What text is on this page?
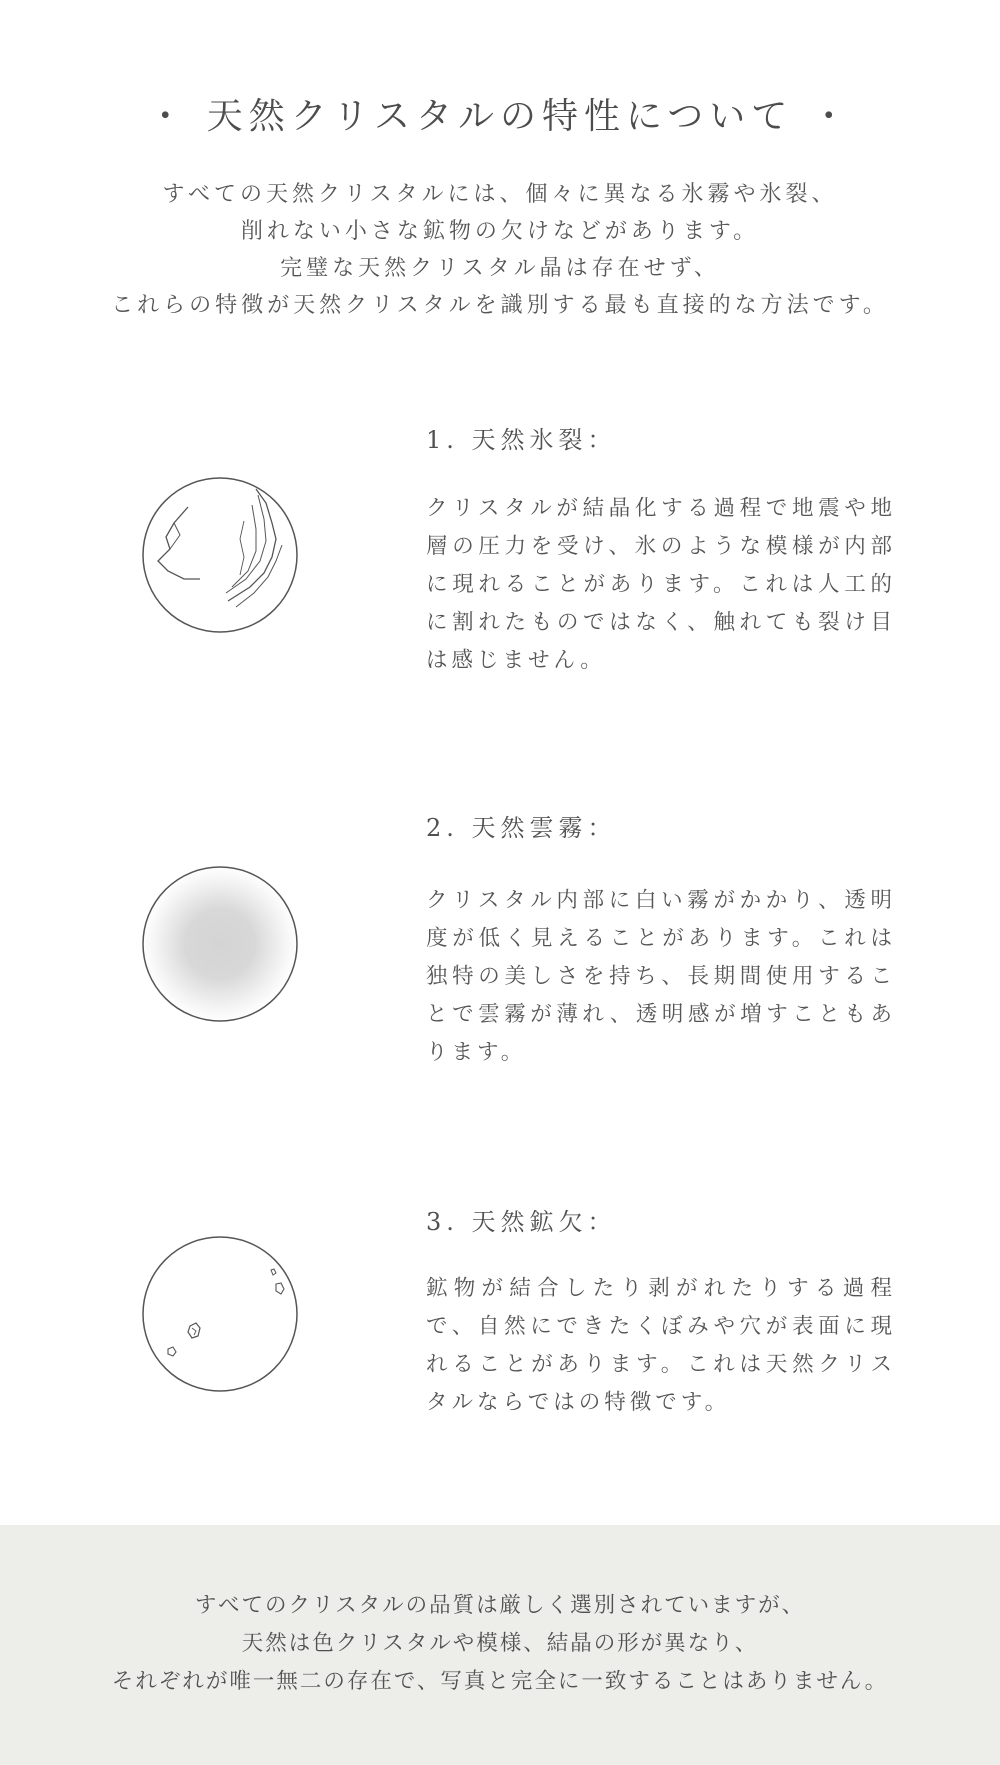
・ 天然クリスタルの特性について ・

すべての天然クリスタルには、個々に異なる氷霧や氷裂、

削れない小さな鉱物の欠けなどがあります。

完璧な天然クリスタル晶は存在せず、

これらの特徴が天然クリスタルを識別する最も直接的な方法です。

1. 天然氷裂：
クリスタルが結晶化する過程で地震や地層の圧力を受け、氷のような模様が内部に現れることがあります。これは人工的に割れたものではなく、触れても裂け目は感じません。
2. 天然雲霧：
クリスタル内部に白い霧がかかり、透明度が低く見えることがあります。これは独特の美しさを持ち、長期間使用することで雲霧が薄れ、透明感が増すこともあります。
3. 天然鉱欠：
鉱物が結合したり剥がれたりする過程で、自然にできたくぼみや穴が表面に現れることがあります。これは天然クリスタルならではの特徴です。

すべてのクリスタルの品質は厳しく選別されていますが、

天然は色クリスタルや模様、結晶の形が異なり、

それぞれが唯一無二の存在で、写真と完全に一致することはありません。
